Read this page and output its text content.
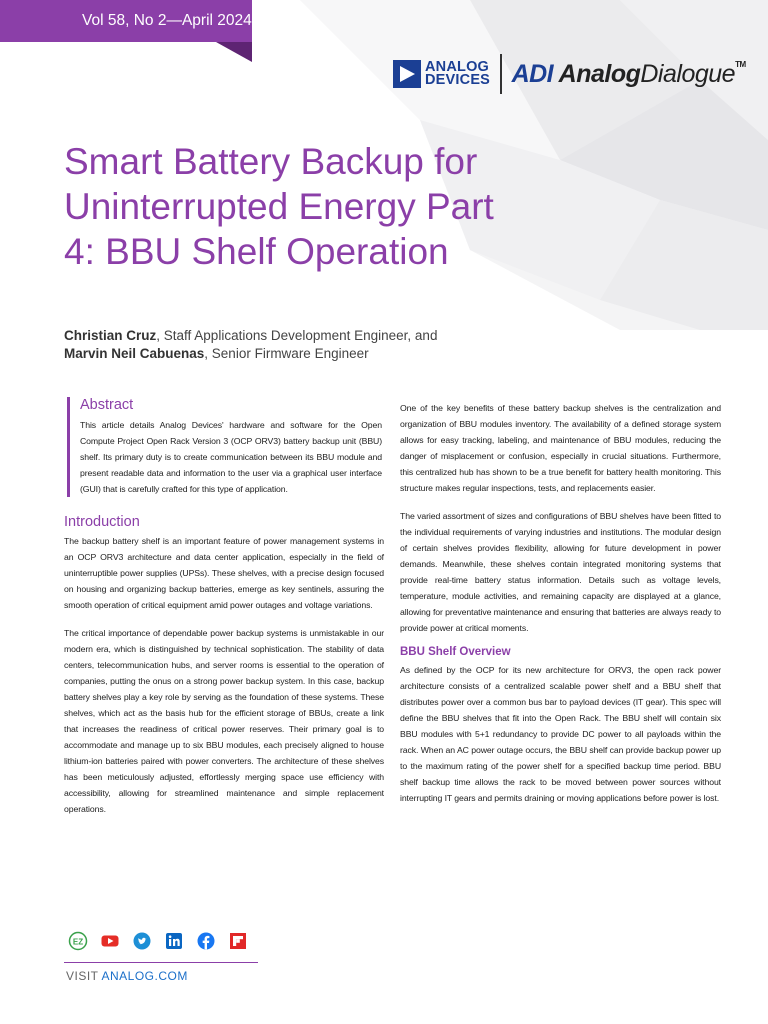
Vol 58, No 2—April 2024
ANALOG
DEVICES ADI AnalogDialogue™
Smart Battery Backup for Uninterrupted Energy Part 4: BBU Shelf Operation
Christian Cruz, Staff Applications Development Engineer, and
Marvin Neil Cabuenas, Senior Firmware Engineer
Abstract

This article details Analog Devices' hardware and software for the Open Compute Project Open Rack Version 3 (OCP ORV3) battery backup unit (BBU) shelf. Its primary duty is to create communication between its BBU module and present readable data and information to the user via a graphical user interface (GUI) that is carefully crafted for this type of application.

Introduction

The backup battery shelf is an important feature of power management systems in an OCP ORV3 architecture and data center application, especially in the field of uninterruptible power supplies (UPSs). These shelves, with a precise design focused on housing and organizing backup batteries, emerge as key sentinels, assuring the smooth operation of critical equipment amid power outages and voltage variations.

The critical importance of dependable power backup systems is unmistakable in our modern era, which is distinguished by technical sophistication. The stability of data centers, telecommunication hubs, and server rooms is essential to the operation of companies, putting the onus on a strong power backup system. In this case, backup battery shelves play a key role by serving as the foundation of these systems. These shelves, which act as the basis hub for the efficient storage of BBUs, create a link that increases the readiness of critical power reserves. Their primary goal is to accommodate and manage up to six BBU modules, each precisely aligned to house lithium-ion batteries paired with power converters. The architecture of these shelves has been meticulously adjusted, effortlessly merging space use efficiency with accessibility, allowing for streamlined maintenance and simple replacement operations.

One of the key benefits of these battery backup shelves is the centralization and organization of BBU modules inventory. The availability of a defined storage system allows for easy tracking, labeling, and maintenance of BBU modules, reducing the danger of misplacement or confusion, especially in crucial situations. Furthermore, this centralized hub has shown to be a true benefit for battery health monitoring. This structure makes regular inspections, tests, and replacements easier.

The varied assortment of sizes and configurations of BBU shelves have been fitted to the individual requirements of varying industries and institutions. The modular design of certain shelves provides flexibility, allowing for future development in power demands. Meanwhile, these shelves contain integrated monitoring systems that provide real-time battery status information. Details such as voltage levels, temperature, module activities, and remaining capacity are displayed at a glance, allowing for preventative maintenance and ensuring that batteries are always ready to provide power at critical moments.

BBU Shelf Overview

As defined by the OCP for its new architecture for ORV3, the open rack power architecture consists of a centralized scalable power shelf and a BBU shelf that distributes power over a common bus bar to payload devices (IT gear). This spec will define the BBU shelves that fit into the Open Rack. The BBU shelf will contain six BBU modules with 5+1 redundancy to provide DC power to all payloads within the rack. When an AC power outage occurs, the BBU shelf can provide backup power up to the maximum rating of the power shelf for a specified backup time period. BBU shelf backup time allows the rack to be moved between power sources without interrupting IT gears and permits draining or moving applications before power is lost.

EZ
VISIT ANALOG.COM
